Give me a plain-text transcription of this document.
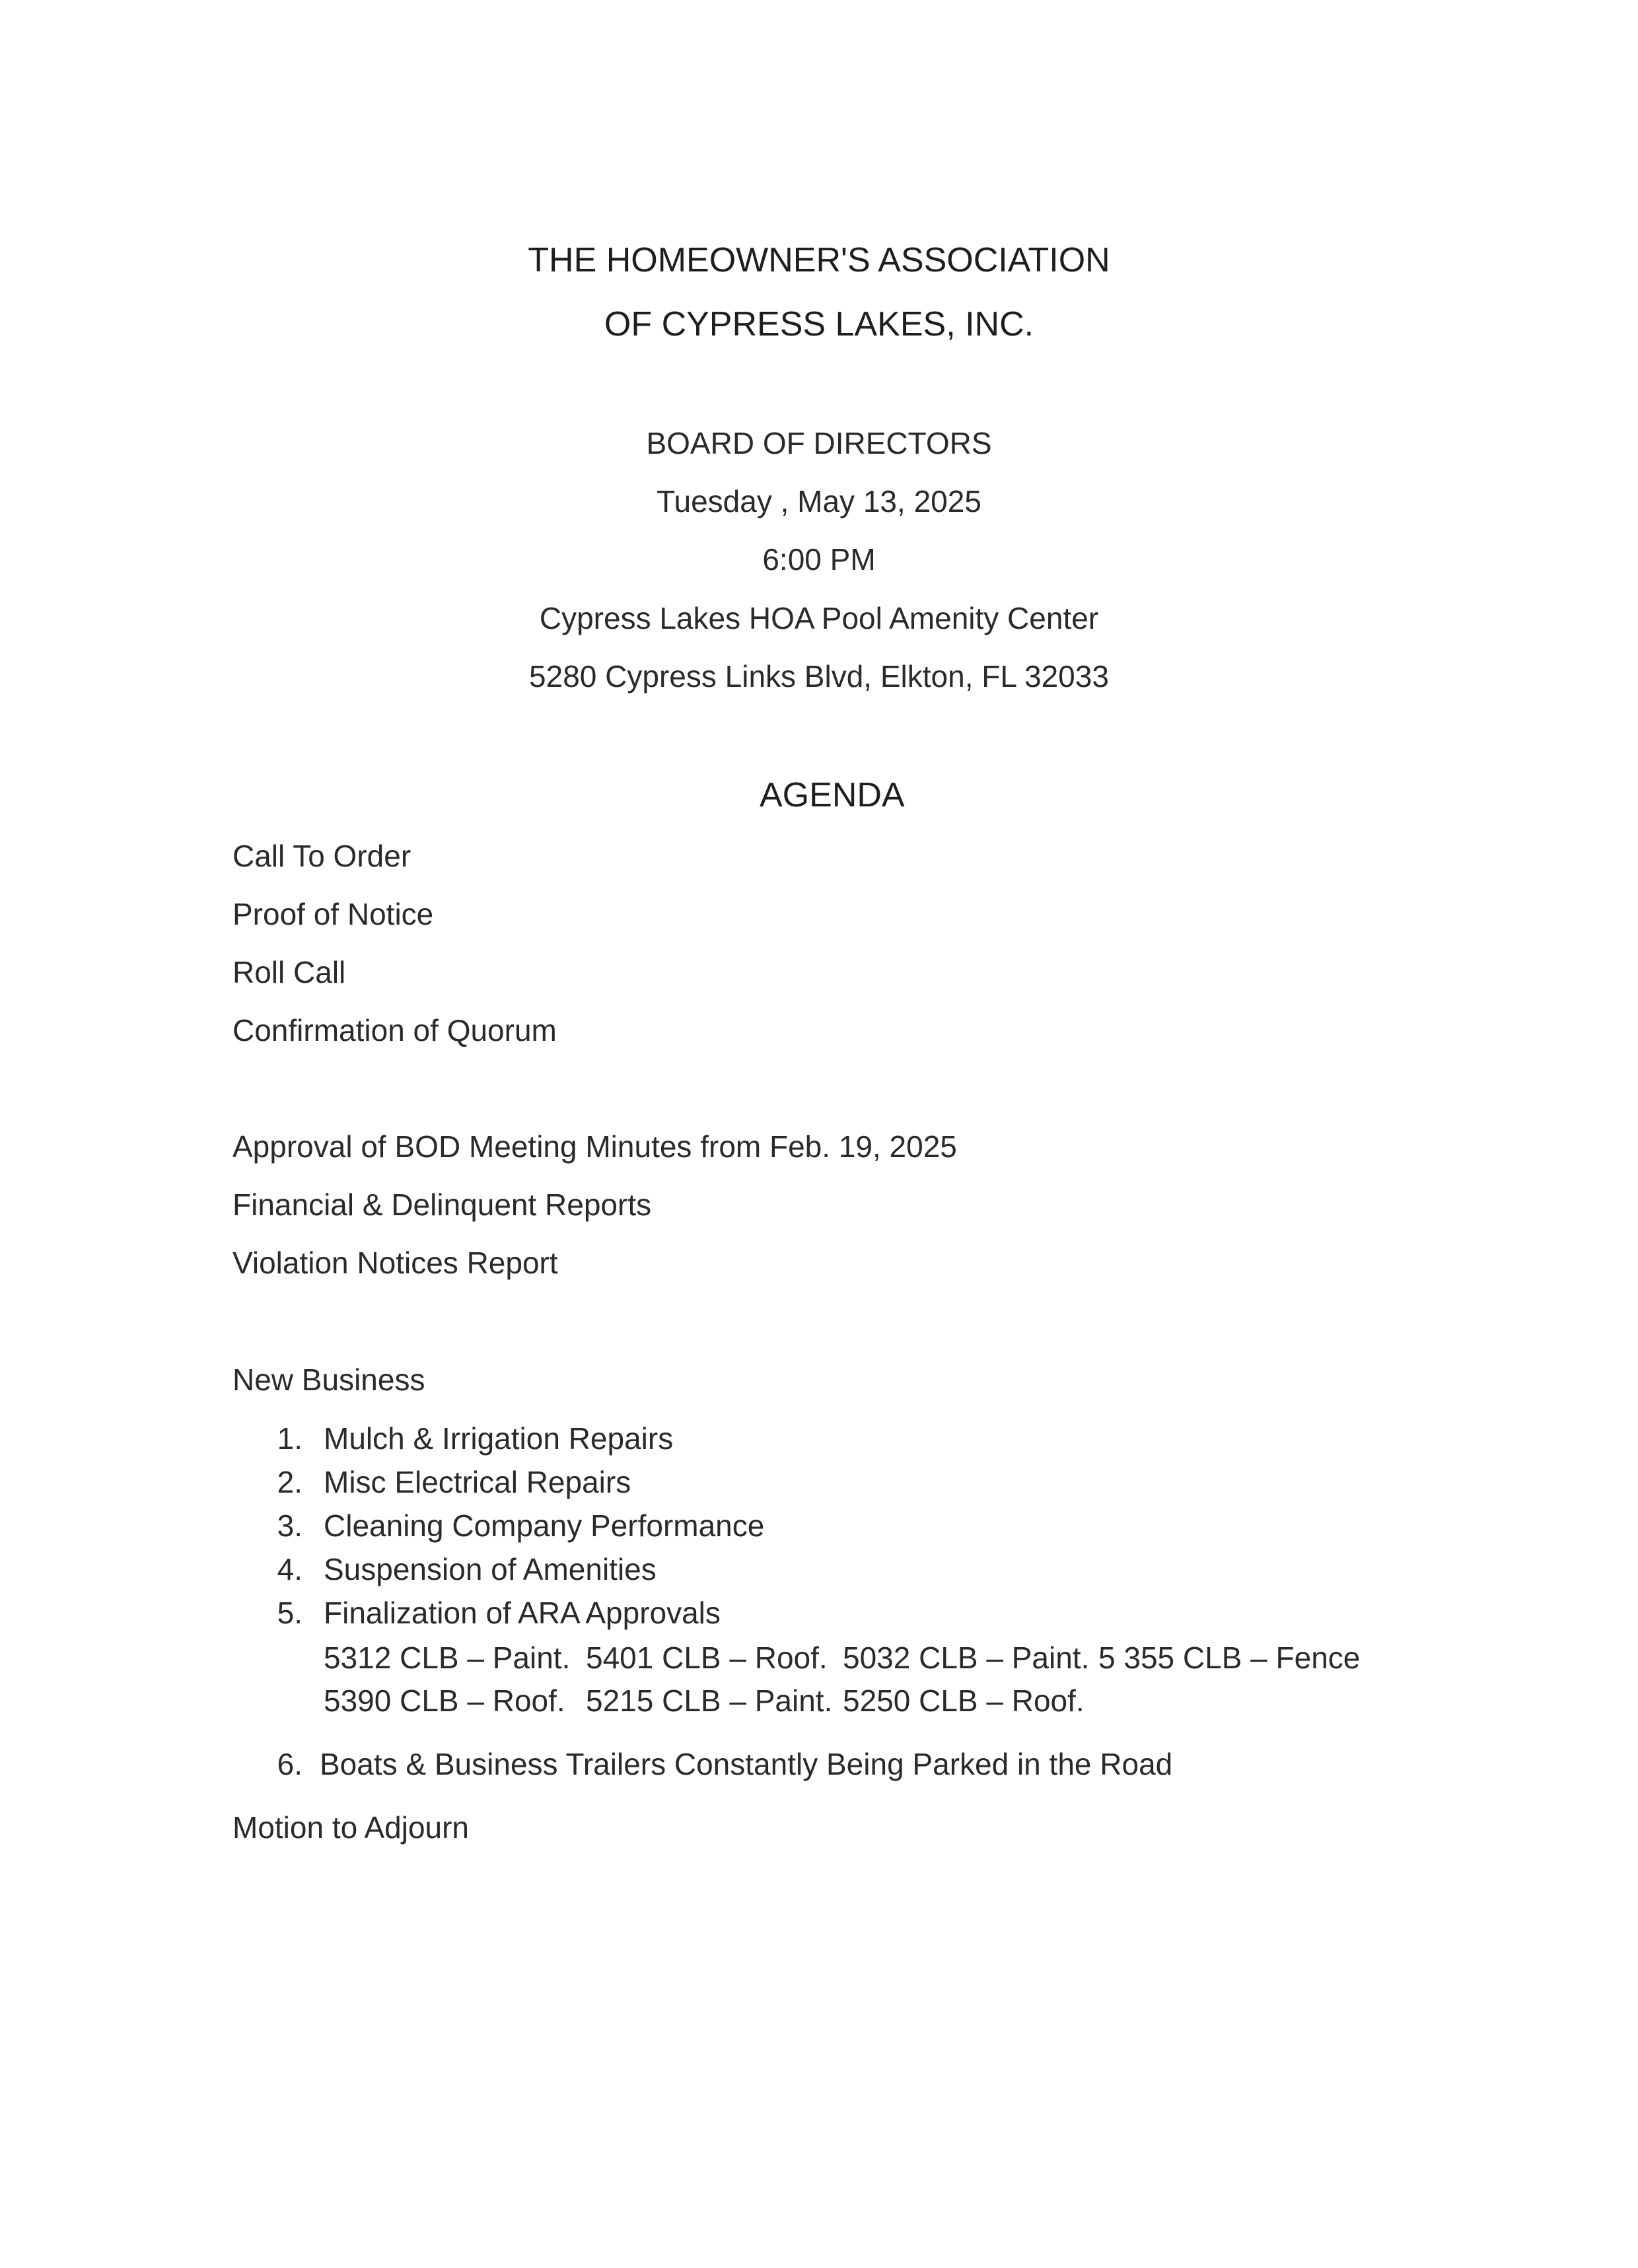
THE HOMEOWNER'S ASSOCIATION
OF CYPRESS LAKES, INC.
BOARD OF DIRECTORS
Tuesday , May 13, 2025
6:00 PM
Cypress Lakes HOA Pool Amenity Center
5280 Cypress Links Blvd, Elkton, FL 32033
AGENDA
Call To Order
Proof of Notice
Roll Call
Confirmation of Quorum
Approval of BOD Meeting Minutes from Feb. 19, 2025
Financial & Delinquent Reports
Violation Notices Report
New Business
1. Mulch & Irrigation Repairs
2. Misc Electrical Repairs
3. Cleaning Company Performance
4. Suspension of Amenities
5. Finalization of ARA Approvals
5312 CLB – Paint. 5401 CLB – Roof. 5032 CLB – Paint. 5 355 CLB – Fence
5390 CLB – Roof. 5215 CLB – Paint. 5250 CLB – Roof.
6. Boats & Business Trailers Constantly Being Parked in the Road
Motion to Adjourn
